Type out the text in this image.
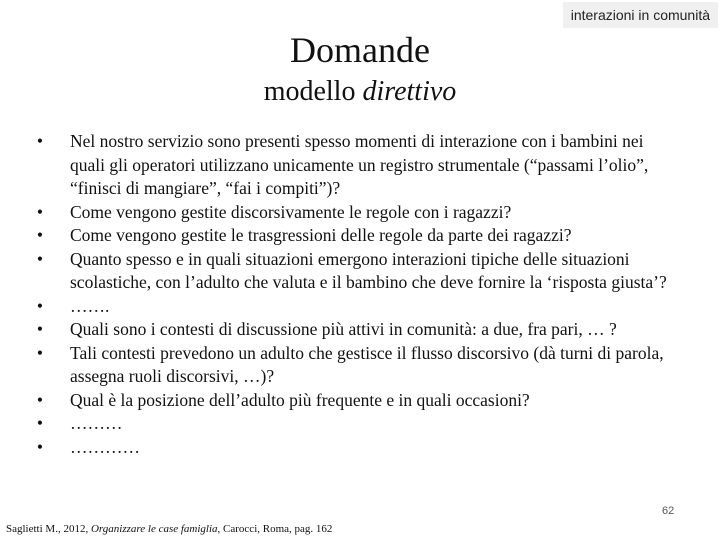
interazioni in comunità
Domande
modello direttivo
•	Nel nostro servizio sono presenti spesso momenti di interazione con i bambini nei quali gli operatori utilizzano unicamente un registro strumentale (“passami l’olio”, “finisci di mangiare”, “fai i compiti”)?
•	Come vengono gestite discorsivamente le regole con i ragazzi?
•	Come vengono gestite le trasgressioni delle regole da parte dei ragazzi?
•	Quanto spesso e in quali situazioni emergono interazioni tipiche delle situazioni scolastiche, con l’adulto che valuta e il bambino che deve fornire la ‘risposta giusta’?
•	…….
•	Quali sono i contesti di discussione più attivi in comunità: a due, fra pari, … ?
•	Tali contesti prevedono un adulto che gestisce il flusso discorsivo (dà turni di parola, assegna ruoli discorsivi, …)?
•	Qual è la posizione dell’adulto più frequente e in quali occasioni?
•	………
•	…………
62
Saglietti M., 2012, Organizzare le case famiglia, Carocci, Roma, pag. 162
